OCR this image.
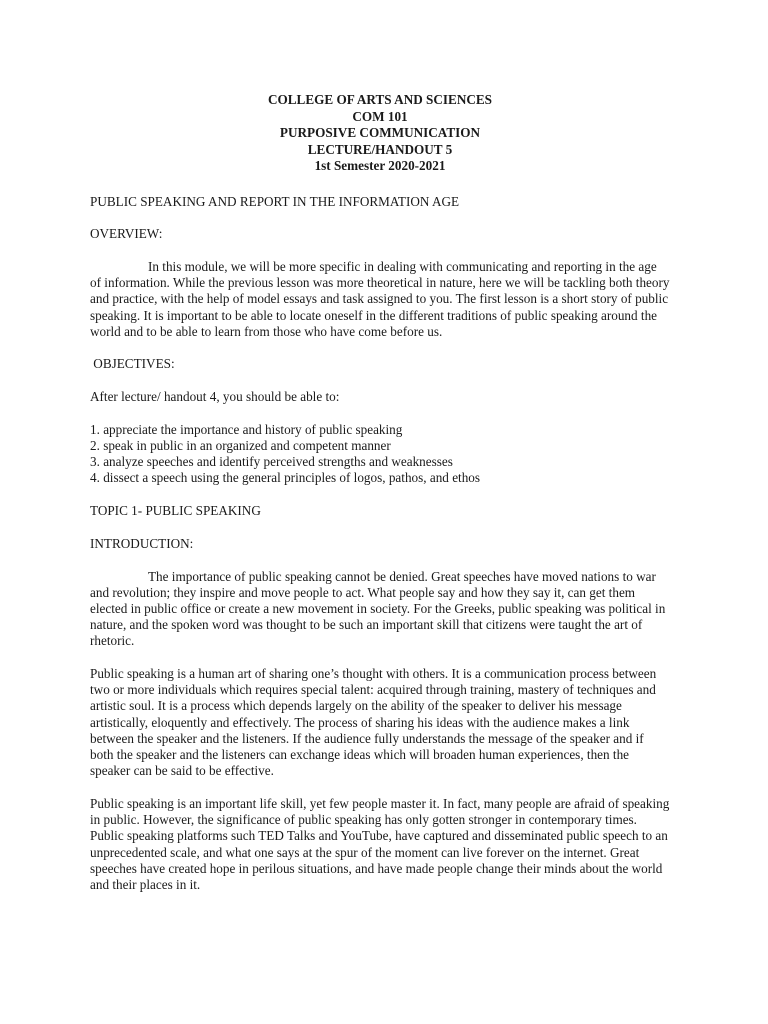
COLLEGE OF ARTS AND SCIENCES
COM 101
PURPOSIVE COMMUNICATION
LECTURE/HANDOUT 5
1st Semester 2020-2021

PUBLIC SPEAKING AND REPORT IN THE INFORMATION AGE

OVERVIEW:

In this module, we will be more specific in dealing with communicating and reporting in the age of information. While the previous lesson was more theoretical in nature, here we will be tackling both theory and practice, with the help of model essays and task assigned to you. The first lesson is a short story of public speaking. It is important to be able to locate oneself in the different traditions of public speaking around the world and to be able to learn from those who have come before us.

OBJECTIVES:

After lecture/ handout 4, you should be able to:

1. appreciate the importance and history of public speaking
2. speak in public in an organized and competent manner
3. analyze speeches and identify perceived strengths and weaknesses
4. dissect a speech using the general principles of logos, pathos, and ethos

TOPIC 1- PUBLIC SPEAKING

INTRODUCTION:

The importance of public speaking cannot be denied. Great speeches have moved nations to war and revolution; they inspire and move people to act. What people say and how they say it, can get them elected in public office or create a new movement in society. For the Greeks, public speaking was political in nature, and the spoken word was thought to be such an important skill that citizens were taught the art of rhetoric.

Public speaking is a human art of sharing one’s thought with others. It is a communication process between two or more individuals which requires special talent: acquired through training, mastery of techniques and artistic soul. It is a process which depends largely on the ability of the speaker to deliver his message artistically, eloquently and effectively. The process of sharing his ideas with the audience makes a link between the speaker and the listeners. If the audience fully understands the message of the speaker and if both the speaker and the listeners can exchange ideas which will broaden human experiences, then the speaker can be said to be effective.

Public speaking is an important life skill, yet few people master it. In fact, many people are afraid of speaking in public. However, the significance of public speaking has only gotten stronger in contemporary times. Public speaking platforms such TED Talks and YouTube, have captured and disseminated public speech to an unprecedented scale, and what one says at the spur of the moment can live forever on the internet. Great speeches have created hope in perilous situations, and have made people change their minds about the world and their places in it.
